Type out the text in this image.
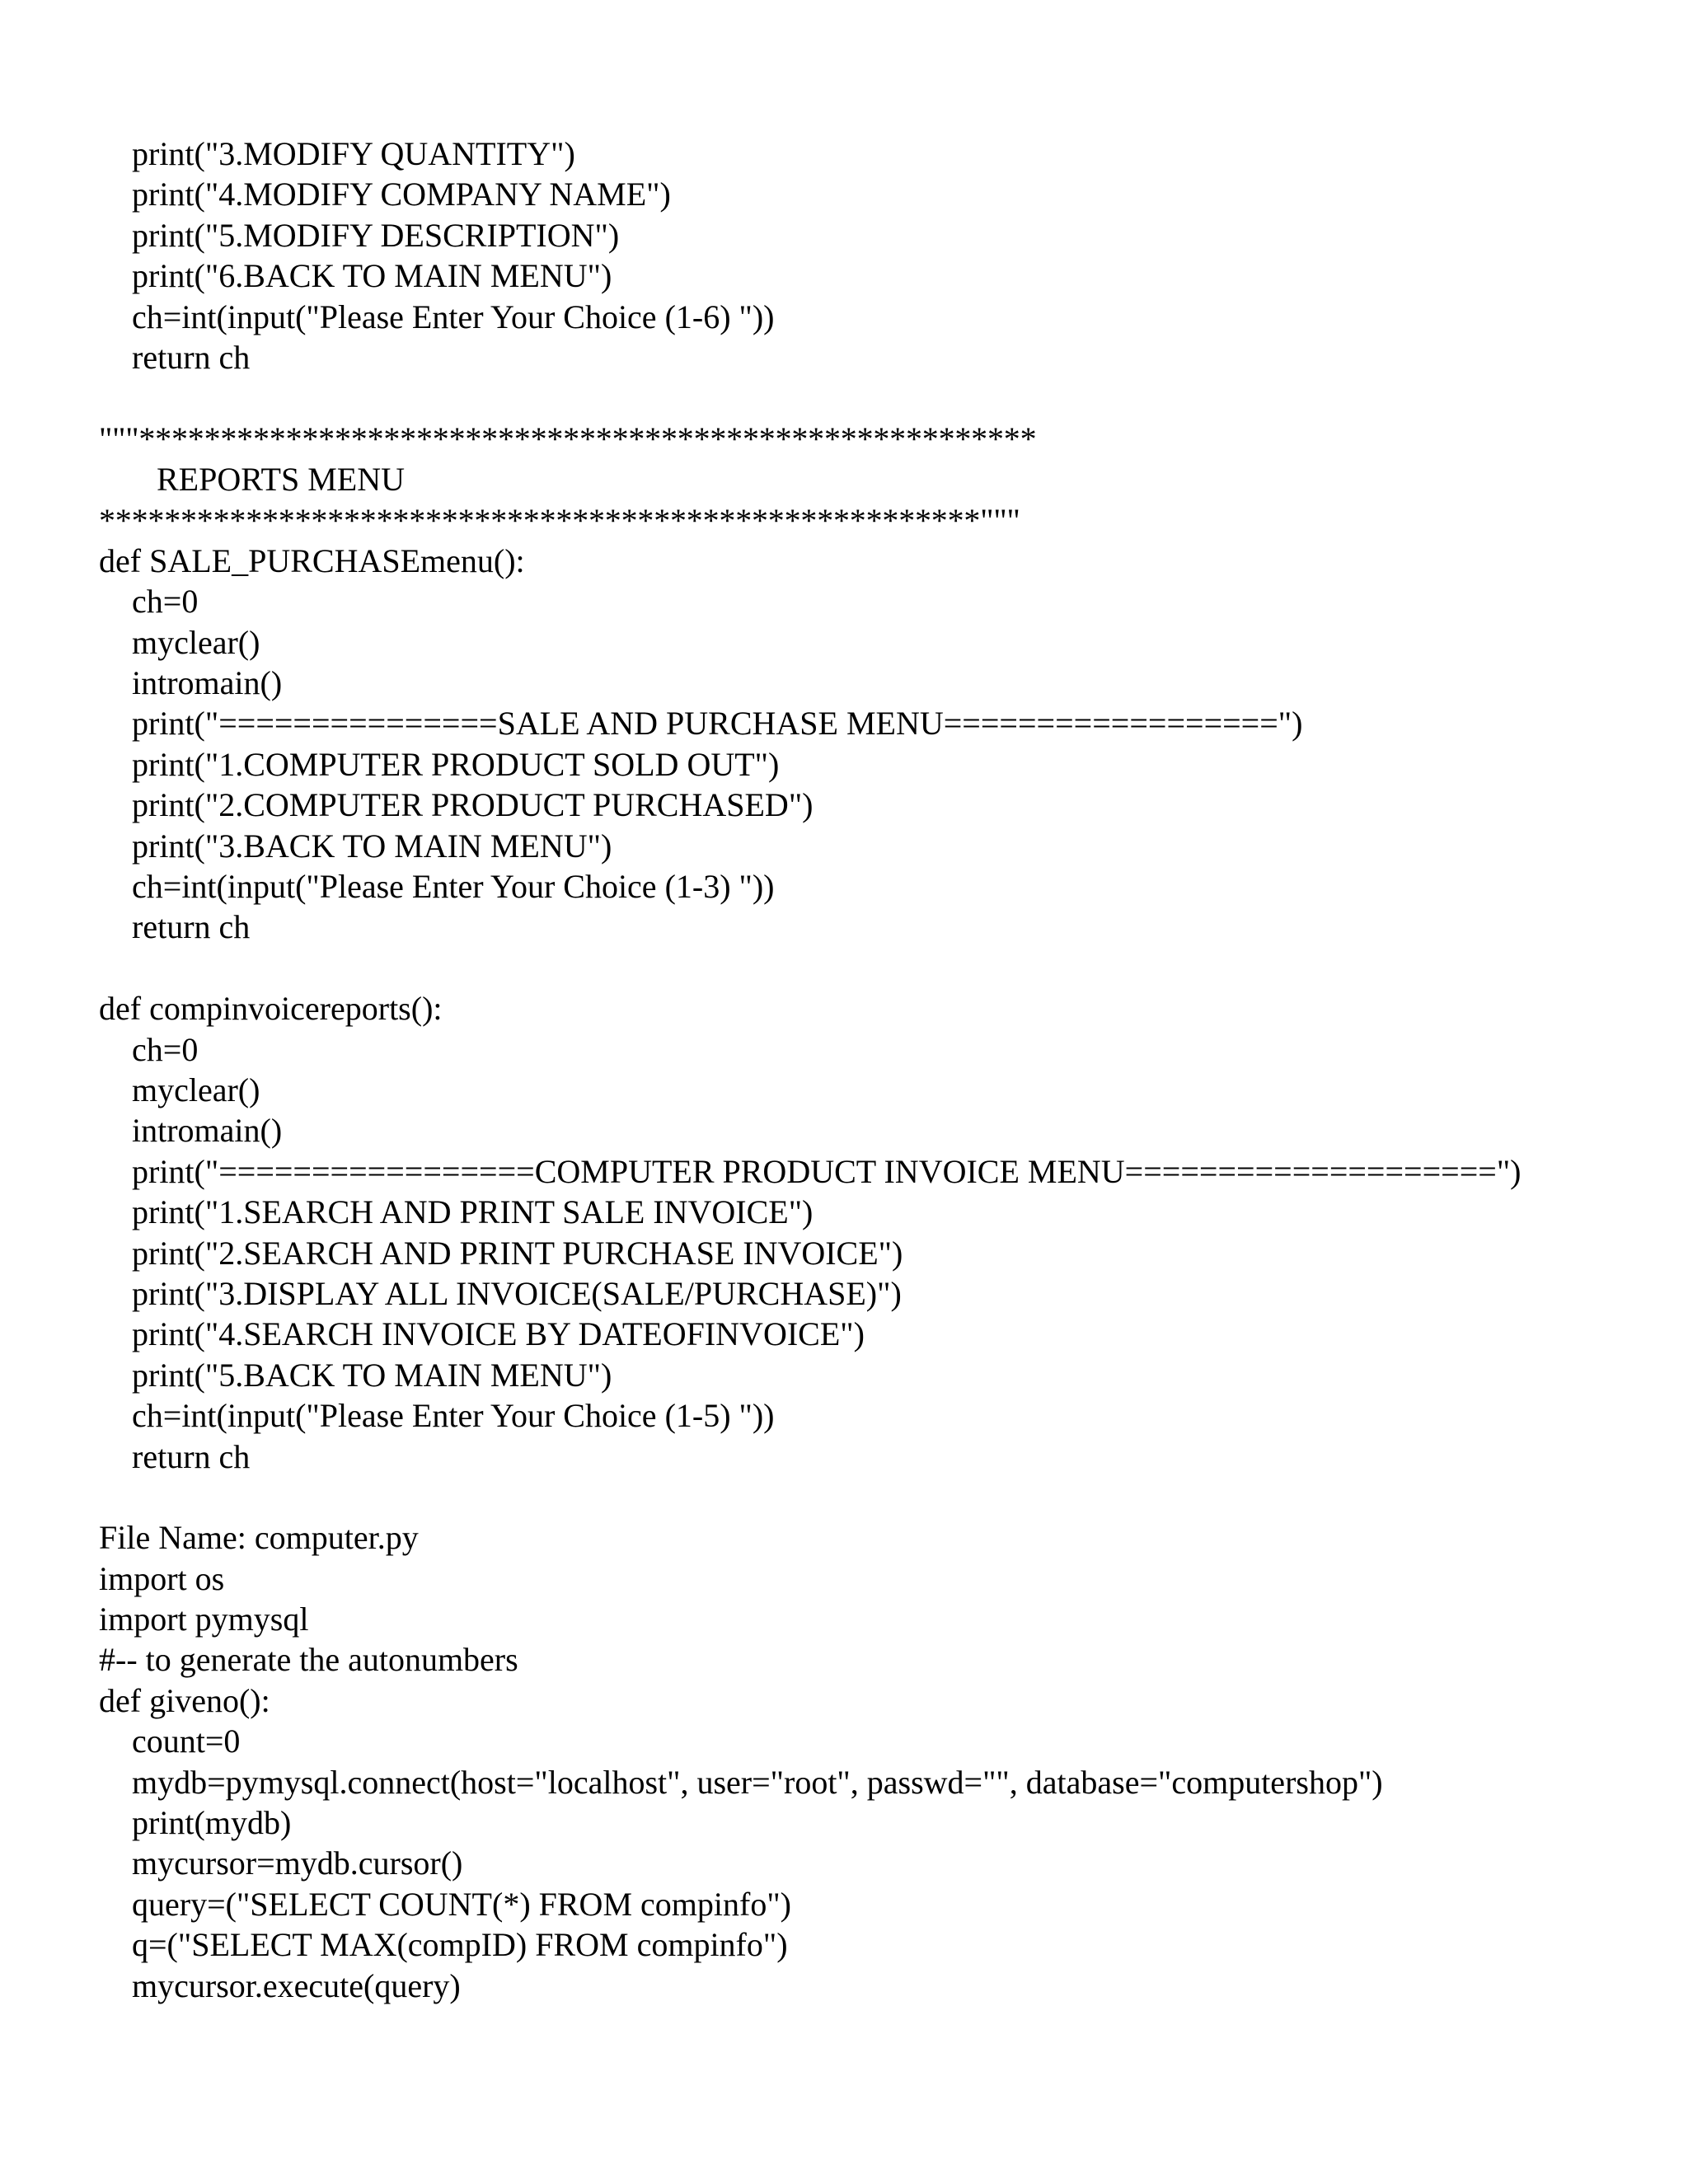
print("3.MODIFY QUANTITY")
print("4.MODIFY COMPANY NAME")
print("5.MODIFY DESCRIPTION")
print("6.BACK TO MAIN MENU")
ch=int(input("Please Enter Your Choice (1-6) "))
return ch
"""*******************************************************
REPORTS MENU
******************************************************"""
def SALE_PURCHASEmenu():
ch=0
myclear()
intromain()
print("===============SALE AND PURCHASE MENU==================")
print("1.COMPUTER PRODUCT SOLD OUT")
print("2.COMPUTER PRODUCT PURCHASED")
print("3.BACK TO MAIN MENU")
ch=int(input("Please Enter Your Choice (1-3) "))
return ch
def compinvoicereports():
ch=0
myclear()
intromain()
print("=================COMPUTER PRODUCT INVOICE MENU====================")
print("1.SEARCH AND PRINT SALE INVOICE")
print("2.SEARCH AND PRINT PURCHASE INVOICE")
print("3.DISPLAY ALL INVOICE(SALE/PURCHASE)")
print("4.SEARCH INVOICE BY DATEOFINVOICE")
print("5.BACK TO MAIN MENU")
ch=int(input("Please Enter Your Choice (1-5) "))
return ch
File Name: computer.py
import os
import pymysql
#-- to generate the autonumbers
def giveno():
count=0
mydb=pymysql.connect(host="localhost", user="root", passwd="", database="computershop")
print(mydb)
mycursor=mydb.cursor()
query=("SELECT COUNT(*) FROM compinfo")
q=("SELECT MAX(compID) FROM compinfo")
mycursor.execute(query)
